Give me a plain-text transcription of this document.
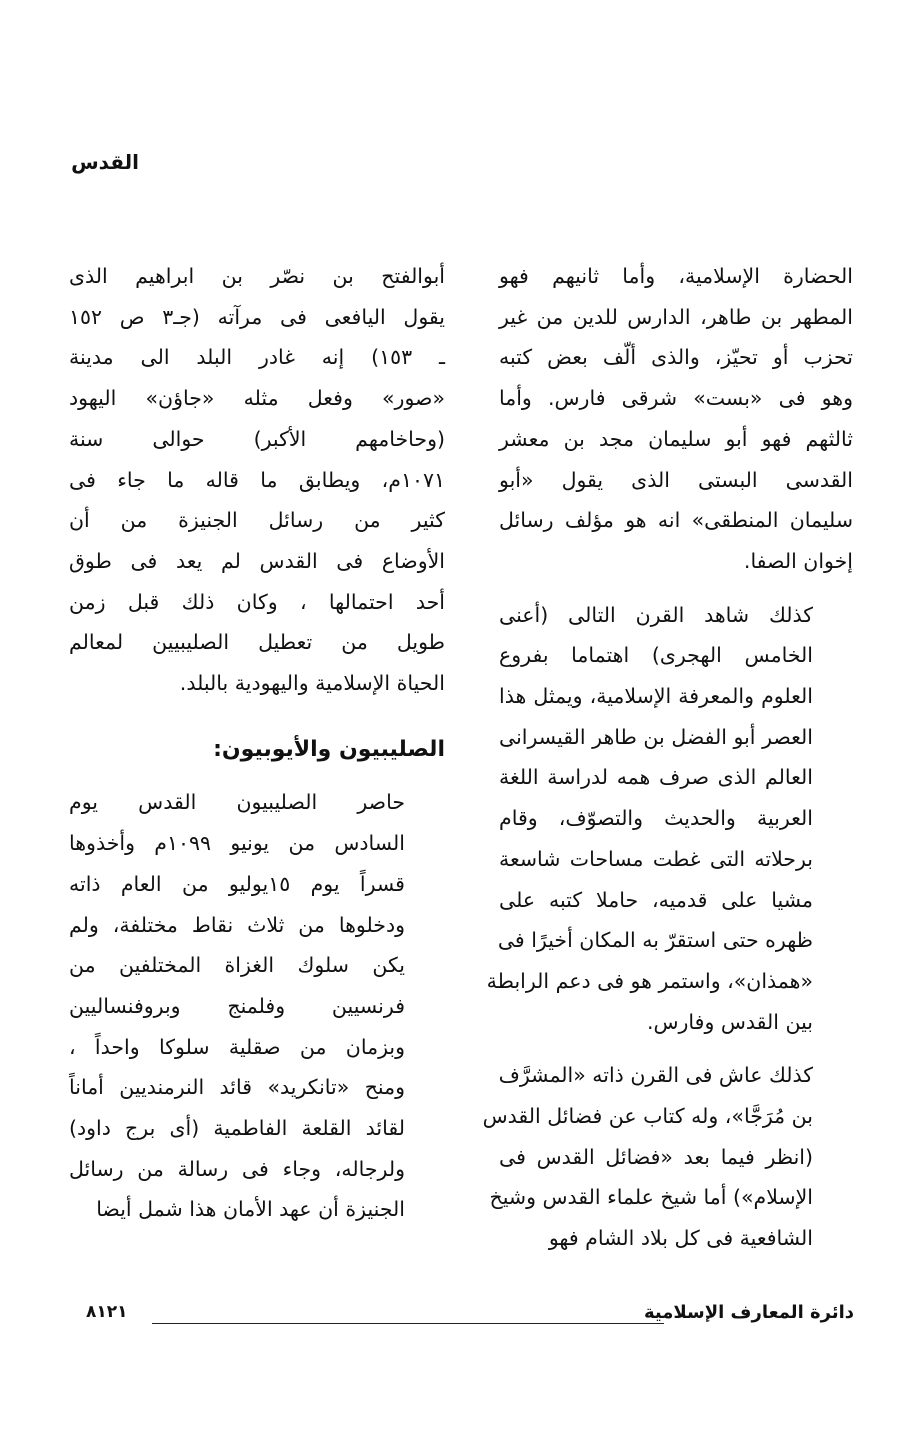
القدس

الحضارة الإسلامية، وأما ثانيهم فهو
المطهر بن طاهر، الدارس للدين من غير
تحزب أو تحيّز، والذى ألّف بعض كتبه
وهو فى «بست» شرقى فارس. وأما
ثالثهم فهو أبو سليمان مجد بن معشر
القدسى البستى الذى يقول «أبو
سليمان المنطقى» انه هو مؤلف رسائل
إخوان الصفا.

كذلك شاهد القرن التالى (أعنى
الخامس الهجرى) اهتماما بفروع
العلوم والمعرفة الإسلامية، ويمثل هذا
العصر أبو الفضل بن طاهر القيسرانى
العالم الذى صرف همه لدراسة اللغة
العربية والحديث والتصوّف، وقام
برحلاته التى غطت مساحات شاسعة
مشيا على قدميه، حاملا كتبه على
ظهره حتى استقرّ به المكان أخيرًا فى
«همذان»، واستمر هو فى دعم الرابطة
بين القدس وفارس.

كذلك عاش فى القرن ذاته «المشرَّف
بن مُرَجَّا»، وله كتاب عن فضائل القدس
(انظر فيما بعد «فضائل القدس فى
الإسلام») أما شيخ علماء القدس وشيخ
الشافعية فى كل بلاد الشام فهو

أبوالفتح بن نصّر بن ابراهيم الذى
يقول اليافعى فى مرآته (جـ٣ ص ١٥٢
ـ ١٥٣) إنه غادر البلد الى مدينة
«صور» وفعل مثله «جاؤن» اليهود
(وحاخامهم الأكبر) حوالى سنة
١٠٧١م، ويطابق ما قاله ما جاء فى
كثير من رسائل الجنيزة من أن
الأوضاع فى القدس لم يعد فى طوق
أحد احتمالها ، وكان ذلك قبل زمن
طويل من تعطيل الصليبيين لمعالم
الحياة الإسلامية واليهودية بالبلد.

الصليبيون والأيوبيون:

حاصر الصليبيون القدس يوم
السادس من يونيو ١٠٩٩م وأخذوها
قسراً يوم ١٥يوليو من العام ذاته
ودخلوها من ثلاث نقاط مختلفة، ولم
يكن سلوك الغزاة المختلفين من
فرنسيين وفلمنج وبروفنساليين
وبزمان من صقلية سلوكا واحداً ،
ومنح «تانكريد» قائد النرمنديين أماناً
لقائد القلعة الفاطمية (أى برج داود)
ولرجاله، وجاء فى رسالة من رسائل
الجنيزة أن عهد الأمان هذا شمل أيضا

دائرة المعارف الإسلامية
٨١٢١
